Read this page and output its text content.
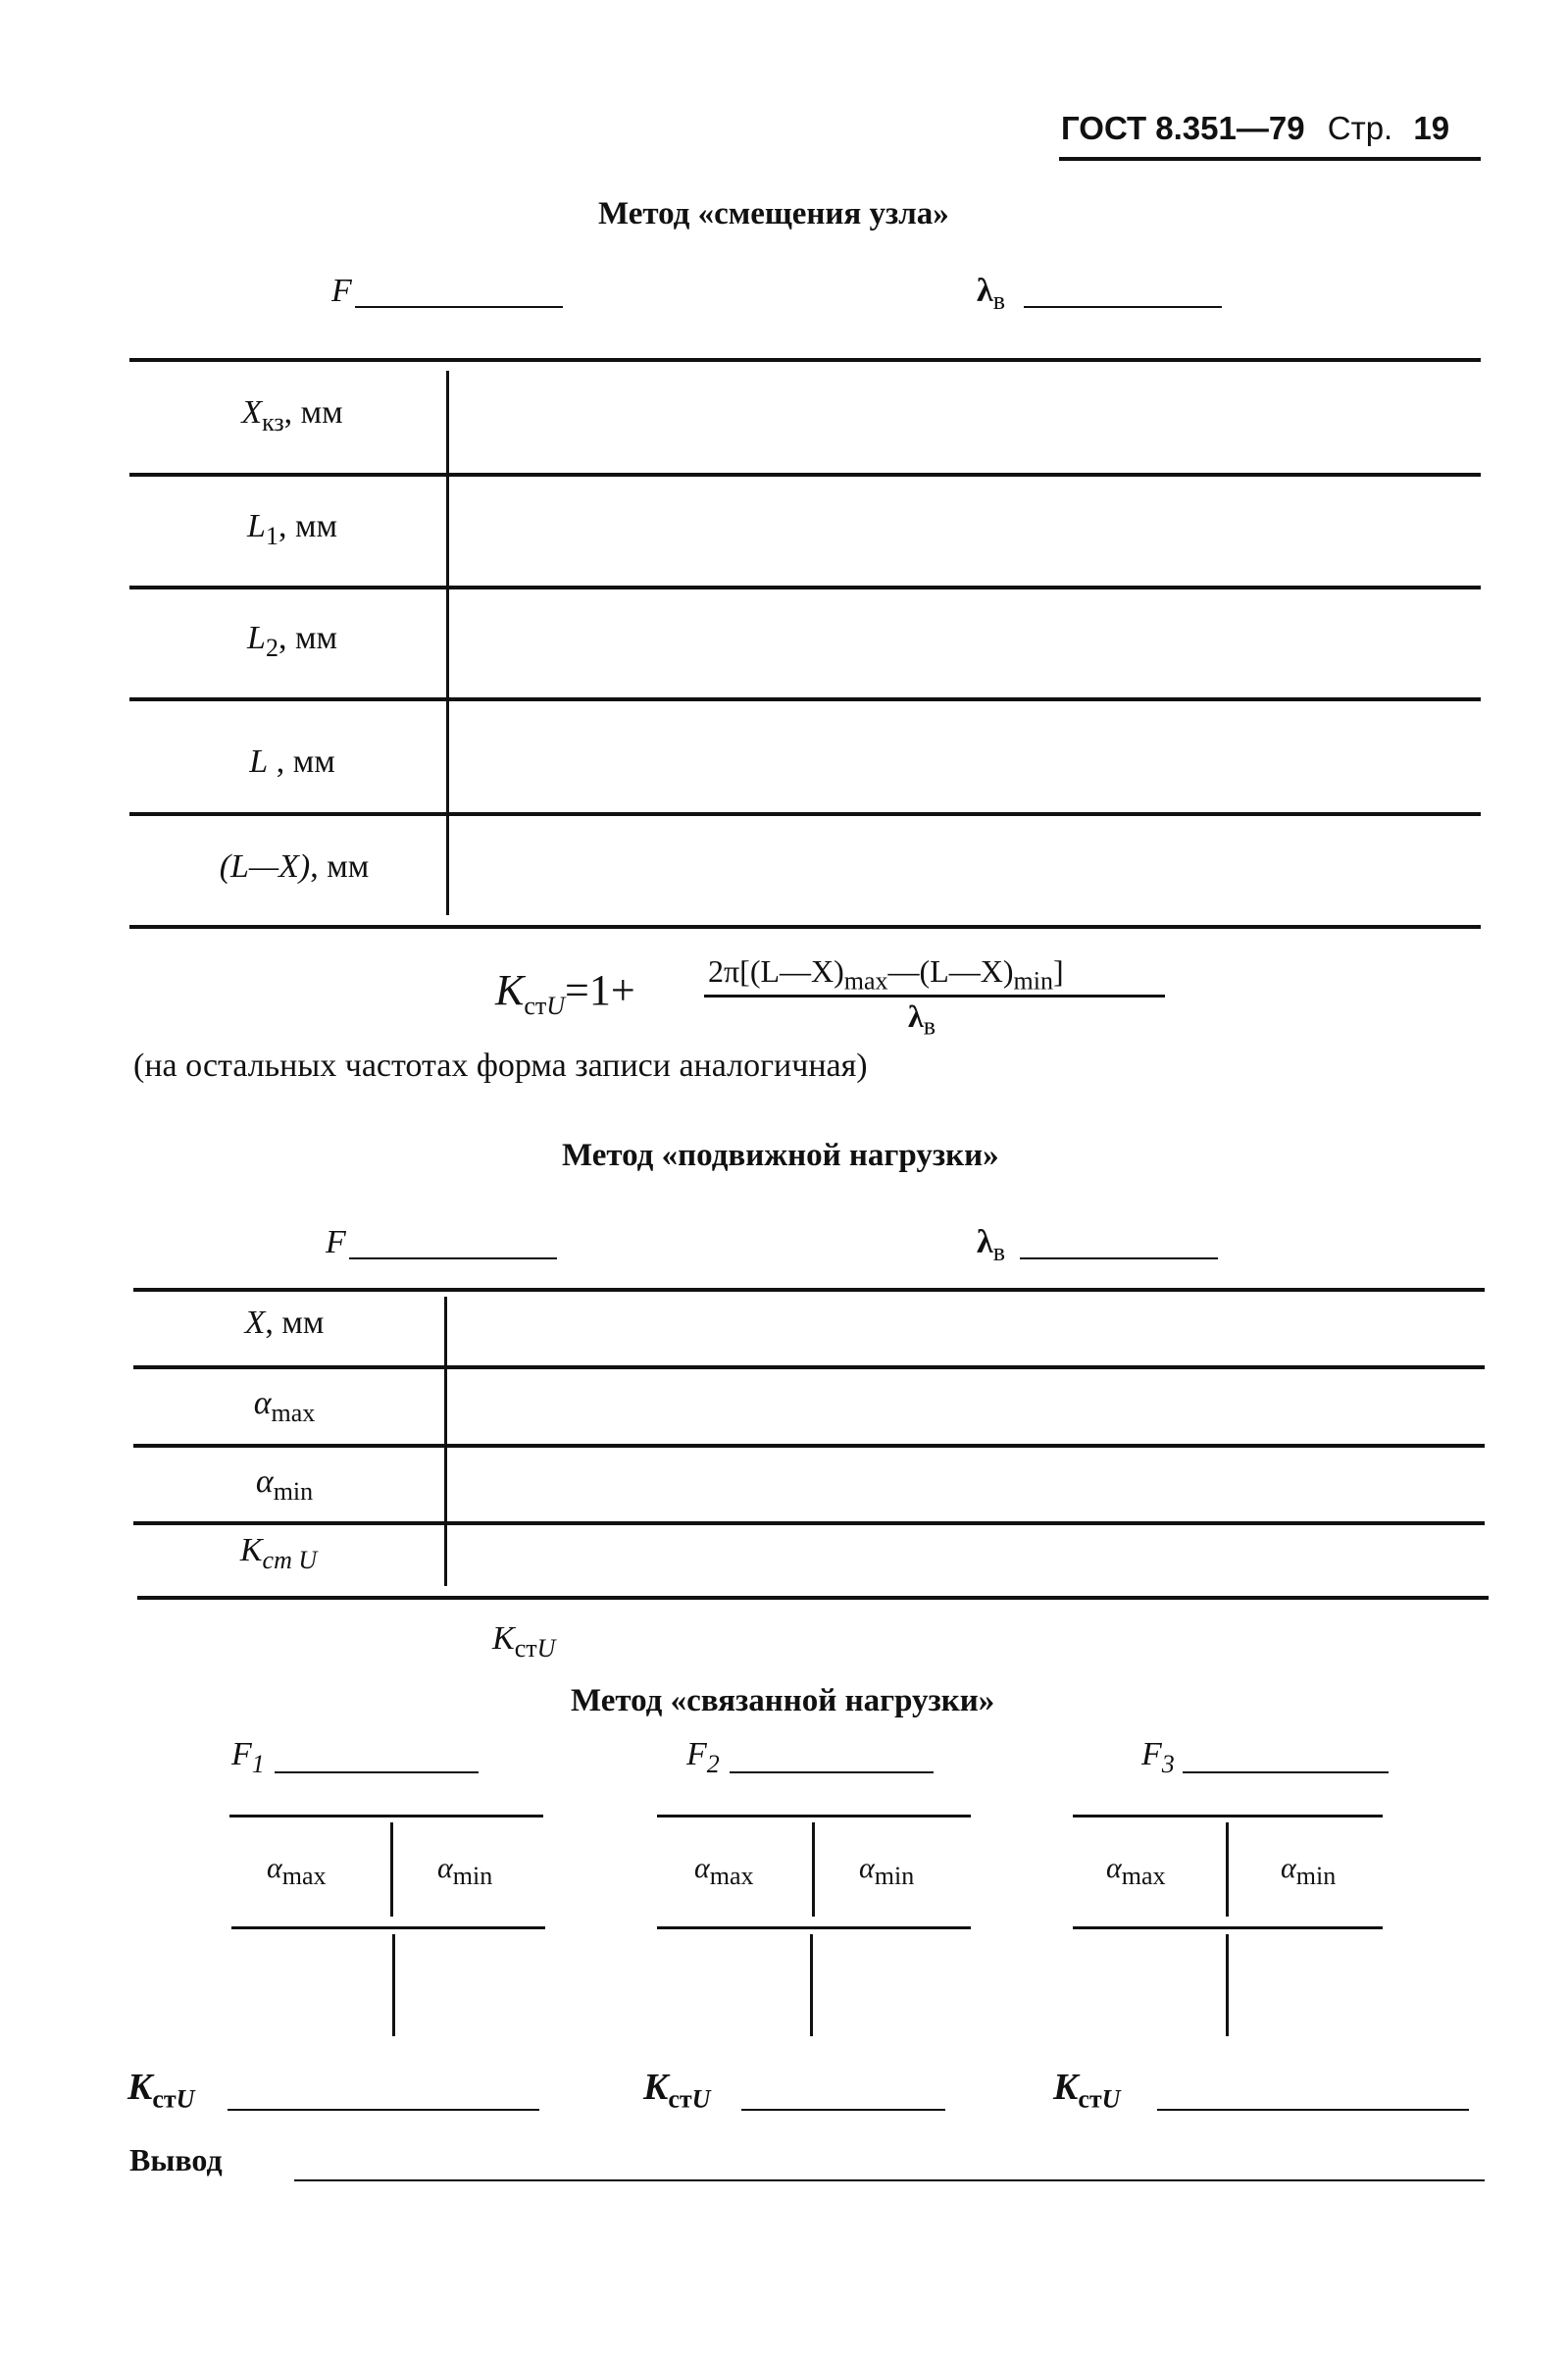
ГОСТ 8.351—79 Стр. 19
Метод «смещения узла»
F	$\lambda_в$
$X_{кз}$, мм
$L_1$, мм
$L_2$, мм
L , мм
(L—X), мм
$K_{стU}=1+$ $2\pi[(L—X)_{max}—(L—X)_{min}]$
$\lambda_в$
(на остальных частотах форма записи аналогичная)
Метод «подвижной нагрузки»
F	$\lambda_в$
X, мм
$\alpha_{max}$
$\alpha_{min}$
$K_{ст U}$
$K_{стU}$
Метод «связанной нагрузки»
$F_1$
$\alpha_{max}$	$\alpha_{min}$
$F_2$
$\alpha_{max}$	$\alpha_{min}$
$F_3$
$\alpha_{max}$	$\alpha_{min}$
$K_{стU}$	$K_{стU}$	$K_{стU}$
Вывод
